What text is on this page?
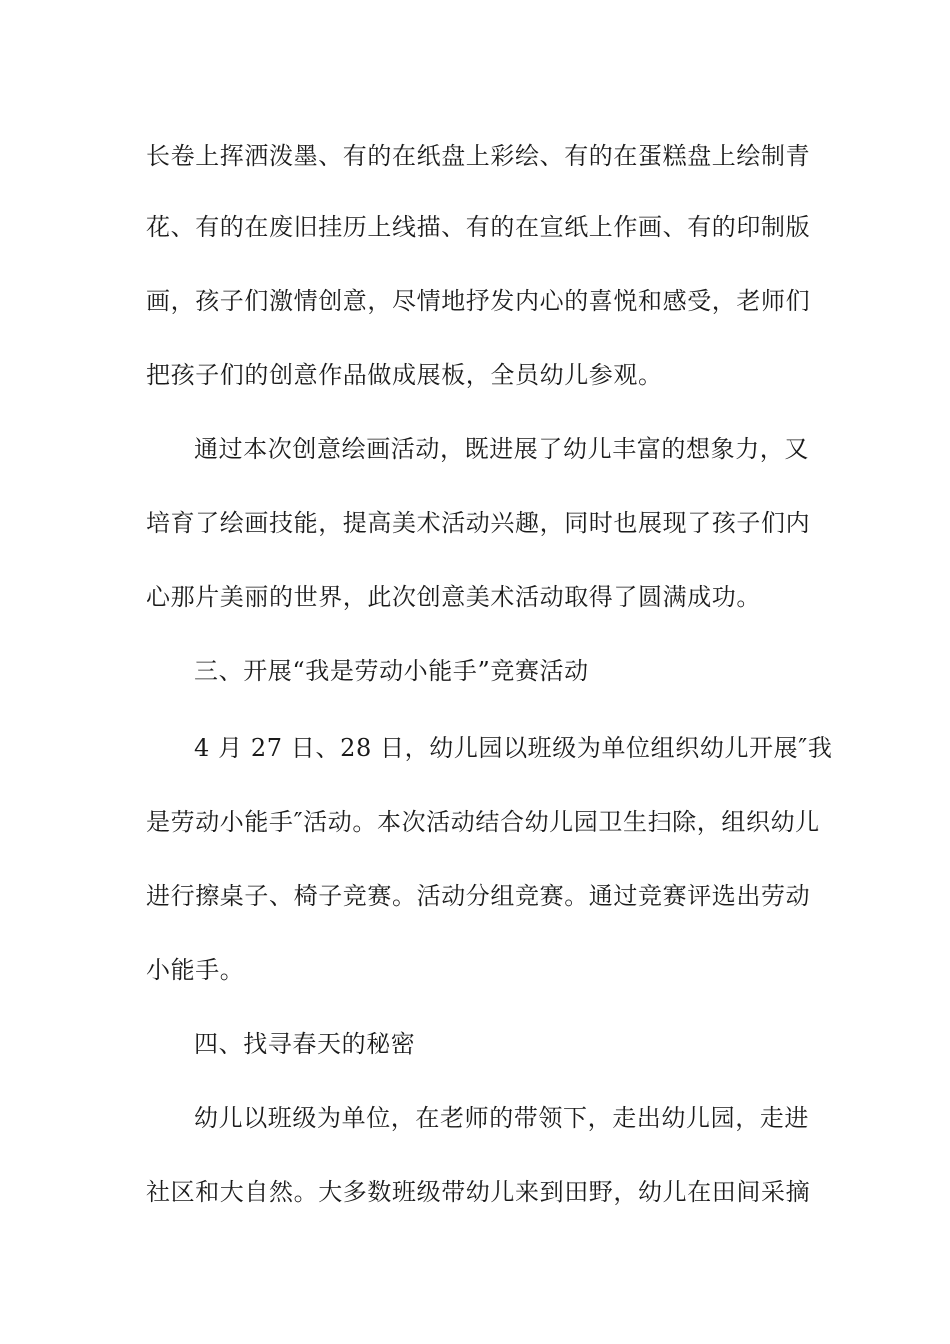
长卷上挥洒泼墨、有的在纸盘上彩绘、有的在蛋糕盘上绘制青
花、有的在废旧挂历上线描、有的在宣纸上作画、有的印制版
画，孩子们激情创意，尽情地抒发内心的喜悦和感受，老师们
把孩子们的创意作品做成展板，全员幼儿参观。
通过本次创意绘画活动，既进展了幼儿丰富的想象力，又
培育了绘画技能，提高美术活动兴趣，同时也展现了孩子们内
心那片美丽的世界，此次创意美术活动取得了圆满成功。
三、开展“我是劳动小能手”竞赛活动
4 月 27 日、28 日，幼儿园以班级为单位组织幼儿开展″我
是劳动小能手″活动。本次活动结合幼儿园卫生扫除，组织幼儿
进行擦桌子、椅子竞赛。活动分组竞赛。通过竞赛评选出劳动
小能手。
四、找寻春天的秘密
幼儿以班级为单位，在老师的带领下，走出幼儿园，走进
社区和大自然。大多数班级带幼儿来到田野，幼儿在田间采摘
